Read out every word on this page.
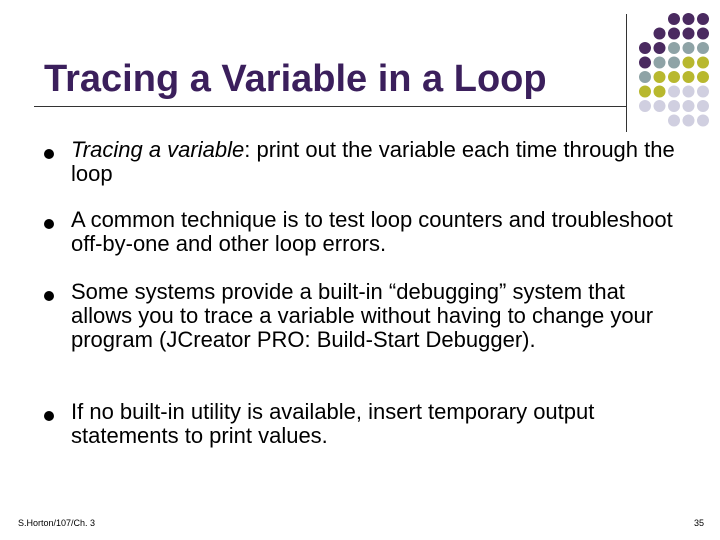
Tracing a Variable in a Loop
Tracing a variable: print out the variable each time through the loop
A common technique is to test loop counters and troubleshoot off-by-one and other loop errors.
Some systems provide a built-in “debugging” system that allows you to trace a variable without having to change your program (JCreator PRO: Build-Start Debugger).
If no built-in utility is available, insert temporary output statements to print values.
S.Horton/107/Ch. 3	35
